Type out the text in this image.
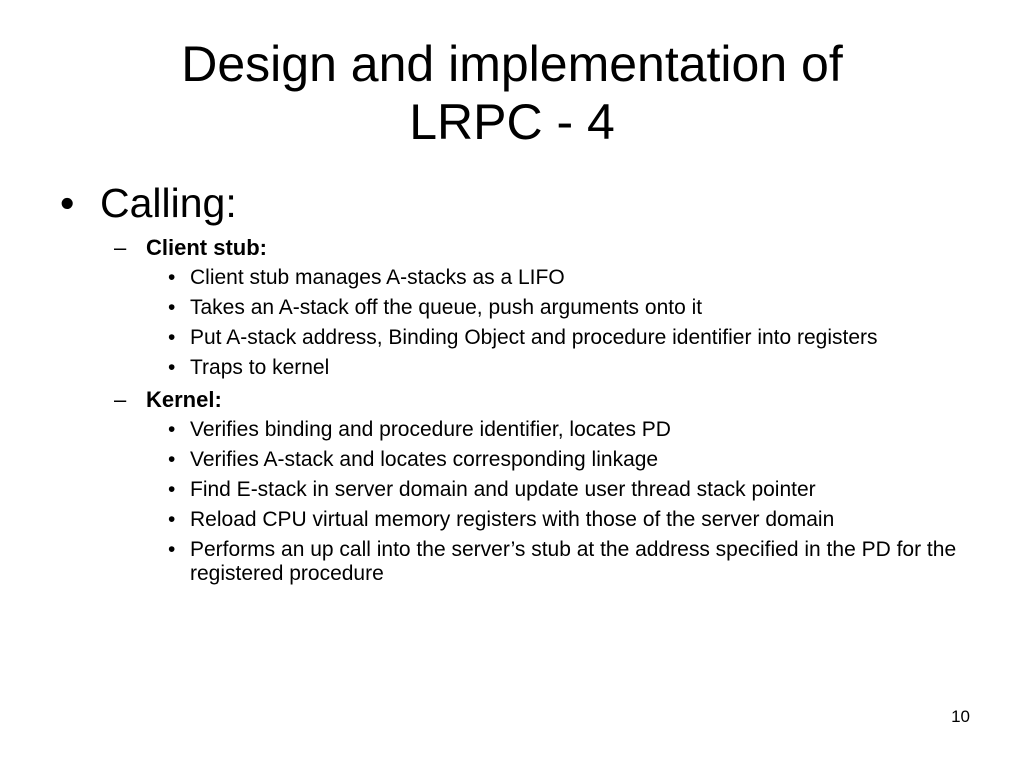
Design and implementation of
LRPC - 4
• Calling:
– Client stub:
• Client stub manages A-stacks as a LIFO
• Takes an A-stack off the queue, push arguments onto it
• Put A-stack address, Binding Object and procedure identifier into registers
• Traps to kernel
– Kernel:
• Verifies binding and procedure identifier, locates PD
• Verifies A-stack and locates corresponding linkage
• Find E-stack in server domain and update user thread stack pointer
• Reload CPU virtual memory registers with those of the server domain
• Performs an up call into the server’s stub at the address specified in the PD for the registered procedure
10
